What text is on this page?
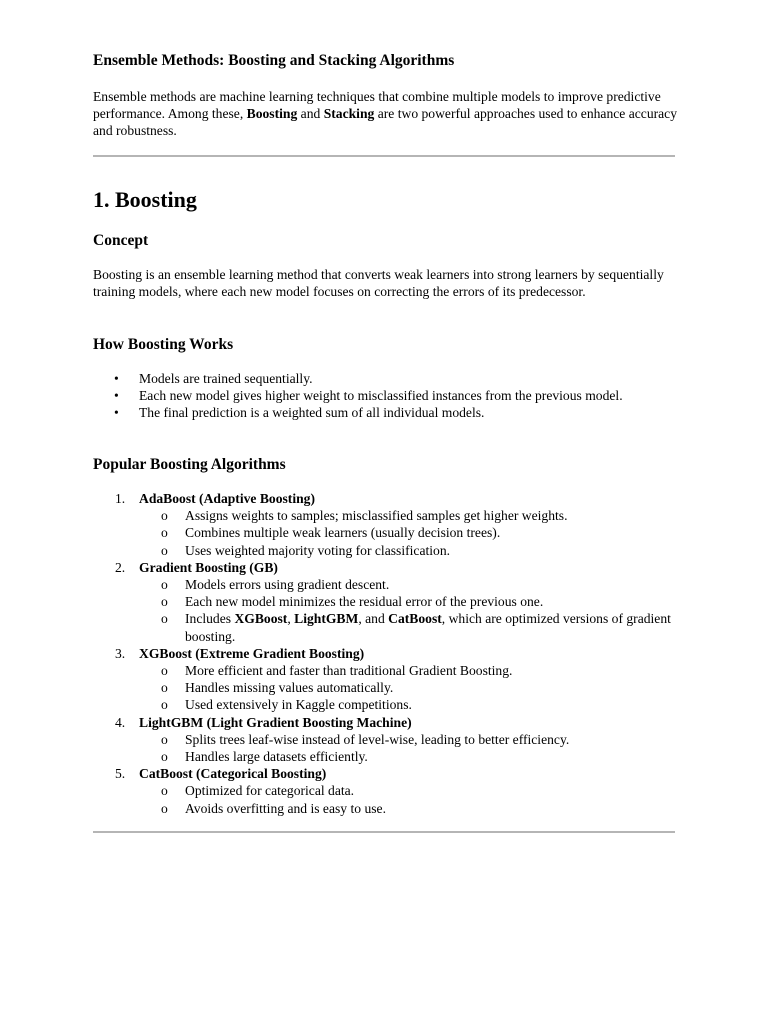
Ensemble Methods: Boosting and Stacking Algorithms

Ensemble methods are machine learning techniques that combine multiple models to improve predictive performance. Among these, Boosting and Stacking are two powerful approaches used to enhance accuracy and robustness.

1. Boosting
Concept

Boosting is an ensemble learning method that converts weak learners into strong learners by sequentially training models, where each new model focuses on correcting the errors of its predecessor.

How Boosting Works
• Models are trained sequentially.
• Each new model gives higher weight to misclassified instances from the previous model.
• The final prediction is a weighted sum of all individual models.
Popular Boosting Algorithms
1. AdaBoost (Adaptive Boosting)
o Assigns weights to samples; misclassified samples get higher weights.
o Combines multiple weak learners (usually decision trees).
o Uses weighted majority voting for classification.
2. Gradient Boosting (GB)
o Models errors using gradient descent.
o Each new model minimizes the residual error of the previous one.
o Includes XGBoost, LightGBM, and CatBoost, which are optimized versions of gradient boosting.
3. XGBoost (Extreme Gradient Boosting)
o More efficient and faster than traditional Gradient Boosting.
o Handles missing values automatically.
o Used extensively in Kaggle competitions.
4. LightGBM (Light Gradient Boosting Machine)
o Splits trees leaf-wise instead of level-wise, leading to better efficiency.
o Handles large datasets efficiently.
5. CatBoost (Categorical Boosting)
o Optimized for categorical data.
o Avoids overfitting and is easy to use.
